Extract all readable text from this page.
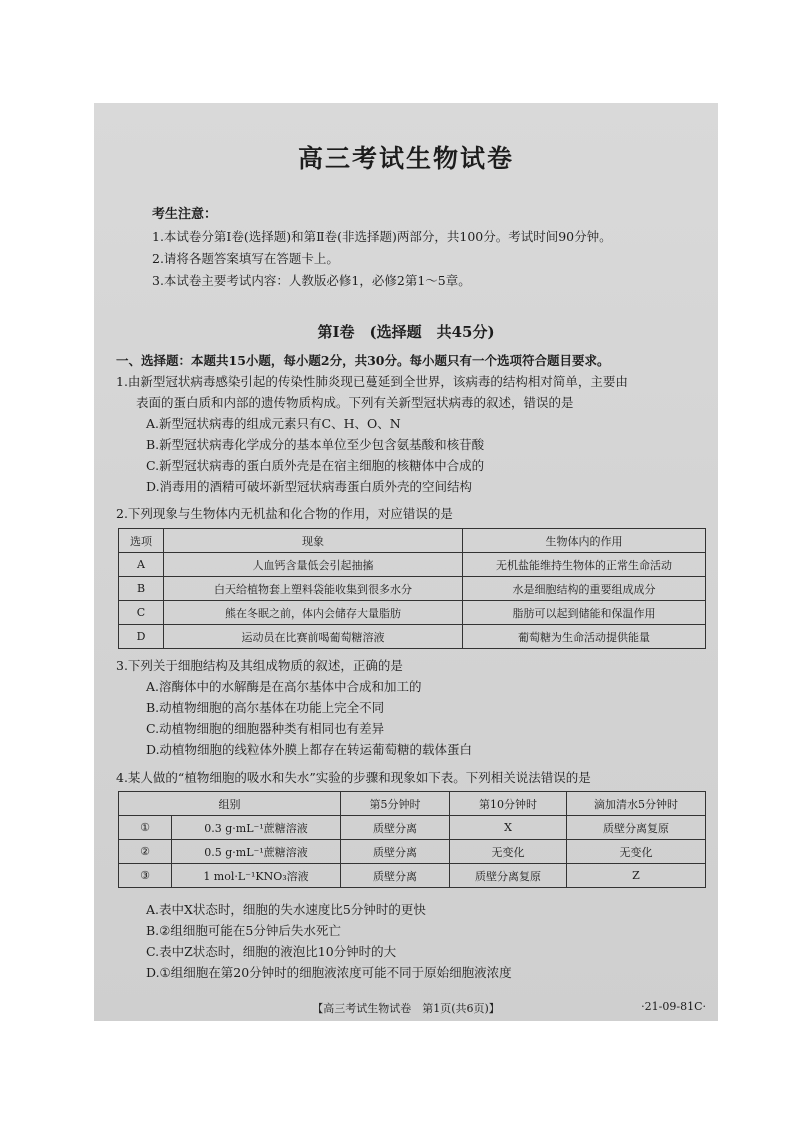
高三考试生物试卷
考生注意：
1.本试卷分第Ⅰ卷(选择题)和第Ⅱ卷(非选择题)两部分，共100分。考试时间90分钟。
2.请将各题答案填写在答题卡上。
3.本试卷主要考试内容：人教版必修1，必修2第1～5章。
第Ⅰ卷　(选择题　共45分)
一、选择题：本题共15小题，每小题2分，共30分。每小题只有一个选项符合题目要求。
1.由新型冠状病毒感染引起的传染性肺炎现已蔓延到全世界，该病毒的结构相对简单，主要由
表面的蛋白质和内部的遗传物质构成。下列有关新型冠状病毒的叙述，错误的是
A.新型冠状病毒的组成元素只有C、H、O、N
B.新型冠状病毒化学成分的基本单位至少包含氨基酸和核苷酸
C.新型冠状病毒的蛋白质外壳是在宿主细胞的核糖体中合成的
D.消毒用的酒精可破坏新型冠状病毒蛋白质外壳的空间结构
2.下列现象与生物体内无机盐和化合物的作用，对应错误的是
选项	现象	生物体内的作用
A	人血钙含量低会引起抽搐	无机盐能维持生物体的正常生命活动
B	白天给植物套上塑料袋能收集到很多水分	水是细胞结构的重要组成成分
C	熊在冬眠之前，体内会储存大量脂肪	脂肪可以起到储能和保温作用
D	运动员在比赛前喝葡萄糖溶液	葡萄糖为生命活动提供能量
3.下列关于细胞结构及其组成物质的叙述，正确的是
A.溶酶体中的水解酶是在高尔基体中合成和加工的
B.动植物细胞的高尔基体在功能上完全不同
C.动植物细胞的细胞器种类有相同也有差异
D.动植物细胞的线粒体外膜上都存在转运葡萄糖的载体蛋白
4.某人做的“植物细胞的吸水和失水”实验的步骤和现象如下表。下列相关说法错误的是
组别		第5分钟时	第10分钟时	滴加清水5分钟时
①	0.3 g·mL⁻¹蔗糖溶液	质壁分离	X	质壁分离复原
②	0.5 g·mL⁻¹蔗糖溶液	质壁分离	无变化	无变化
③	1 mol·L⁻¹KNO₃溶液	质壁分离	质壁分离复原	Z
A.表中X状态时，细胞的失水速度比5分钟时的更快
B.②组细胞可能在5分钟后失水死亡
C.表中Z状态时，细胞的液泡比10分钟时的大
D.①组细胞在第20分钟时的细胞液浓度可能不同于原始细胞液浓度
【高三考试生物试卷　第1页(共6页)】	·21-09-81C·
